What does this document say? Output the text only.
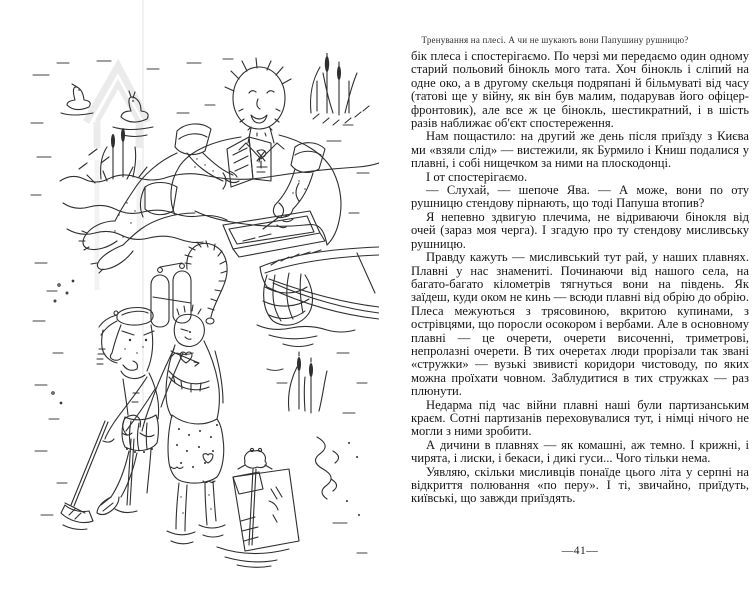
Тренування на плесі. А чи не шукають вони Папушину рушницю?

бік плеса і спостерігаємо. По черзі ми передаємо один одному старий польовий бінокль мого тата. Хоч бінокль і сліпий на одне око, а в другому скельця подряпані й більмуваті від часу (татові ще у війну, як він був малим, подарував його офіцер-фронтовик), але все ж це бінокль, шестикратний, і в шість разів наближає об'єкт спостереження.

Нам пощастило: на другий же день після приїзду з Києва ми «взяли слід» — вистежили, як Бурмило і Книш подалися у плавні, і собі нищечком за ними на плоскодонці.

І от спостерігаємо.

— Слухай, — шепоче Ява. — А може, вони по оту рушницю стендову пірнають, що тоді Папуша втопив?

Я непевно здвигую плечима, не відриваючи бінокля від очей (зараз моя черга). І згадую про ту стендову мисливську рушницю.

Правду кажуть — мисливський тут рай, у наших плавнях. Плавні у нас знамениті. Починаючи від нашого села, на багато-багато кілометрів тягнуться вони на південь. Як заїдеш, куди оком не кинь — всюди плавні від обрію до обрію. Плеса межуються з трясовиною, вкритою купинами, з острівцями, що поросли осокором і вербами. Але в основному плавні — це очерети, очерети височенні, триметрові, непролазні очерети. В тих очеретах люди прорізали так звані «стружки» — вузькі звивисті коридори чистоводу, по яких можна проїхати човном. Заблудитися в тих стружках — раз плюнути.

Недарма під час війни плавні наші були партизанським краєм. Сотні партизанів переховувалися тут, і німці нічого не могли з ними зробити.

А дичини в плавнях — як комашні, аж темно. І крижні, і чирята, і лиски, і бекаси, і дикі гуси... Чого тільки нема.

Уявляю, скільки мисливців понаїде цього літа у серпні на відкриття полювання «по перу». І ті, звичайно, приїдуть, київські, що завжди приїздять.

—41—
